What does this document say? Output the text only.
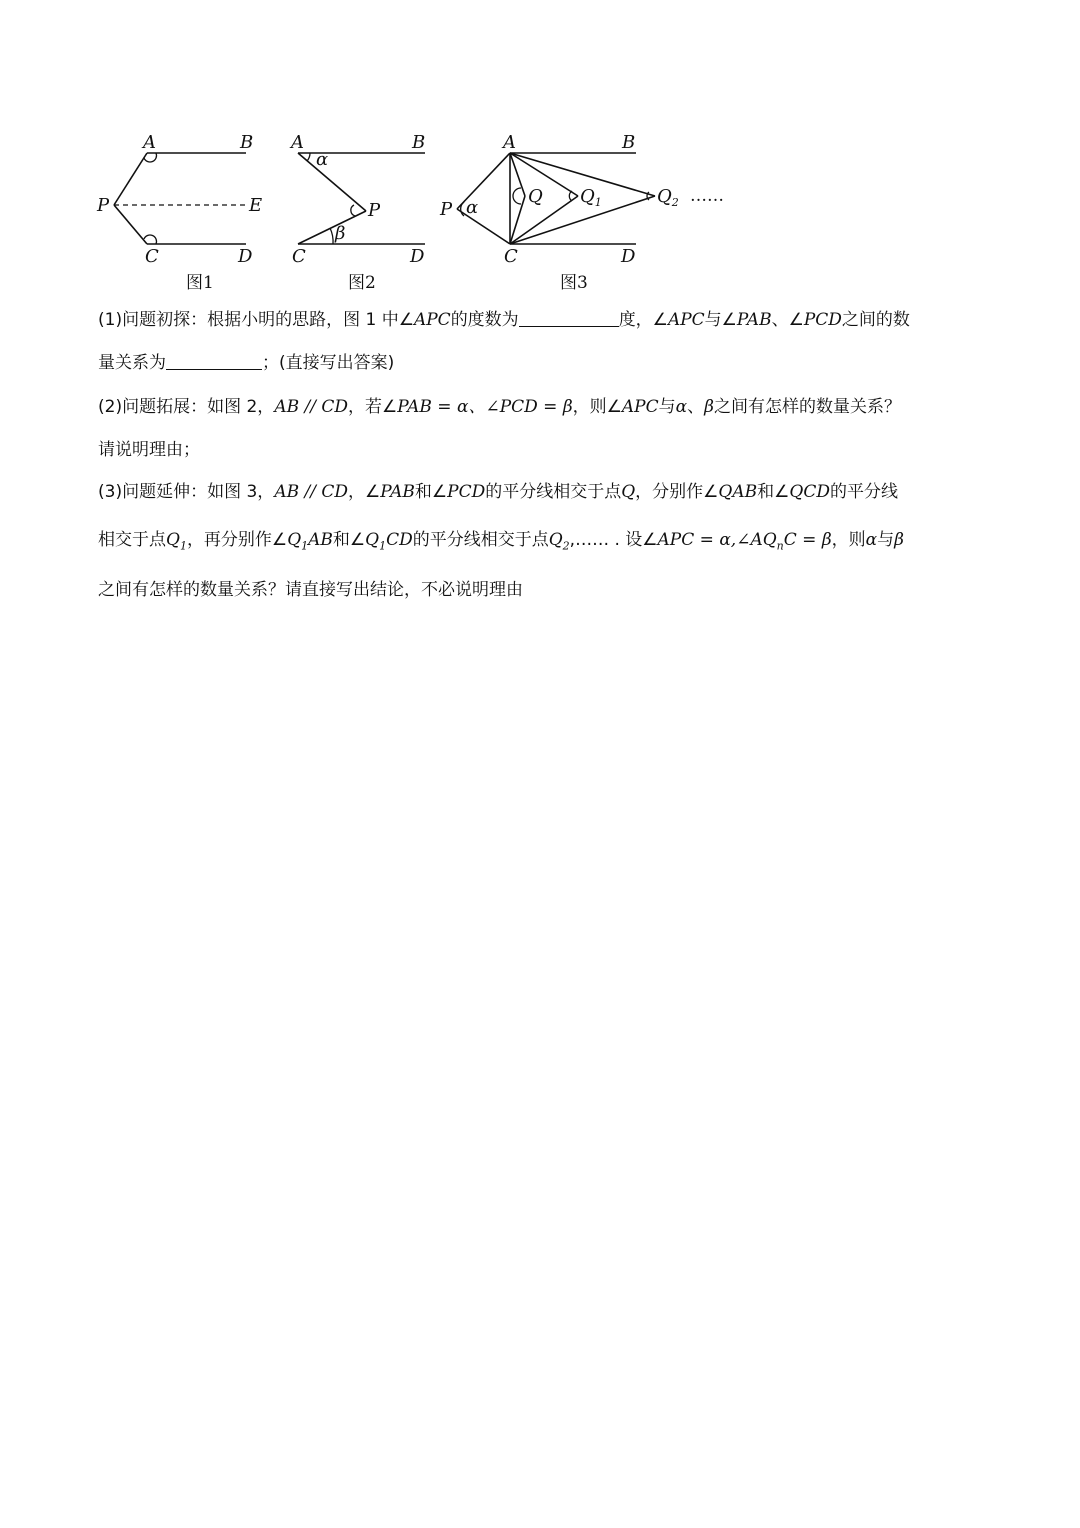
A	B
P	E
C	D
图1
A	B
α
P
β
C	D
图2
A	B
P α
Q $Q_1$	$Q_2$ ……
C	D
图3
(1)问题初探：根据小明的思路，图 1 中∠APC的度数为	度，∠APC与∠PAB、∠PCD之间的数
量关系为	；(直接写出答案)
(2)问题拓展：如图 2，AB // CD，若∠PAB = α、∠PCD = β，则∠APC与α、β之间有怎样的数量关系？
请说明理由；
(3)问题延伸：如图 3，AB // CD，∠PAB和∠PCD的平分线相交于点Q，分别作∠QAB和∠QCD的平分线
相交于点$Q_1$，再分别作$\angle Q_1AB$和$\angle Q_1CD$的平分线相交于点$Q_2,\dots\dots$ . 设∠APC = $\alpha,\angle AQ_nC = \beta$，则α与β
之间有怎样的数量关系？请直接写出结论，不必说明理由
